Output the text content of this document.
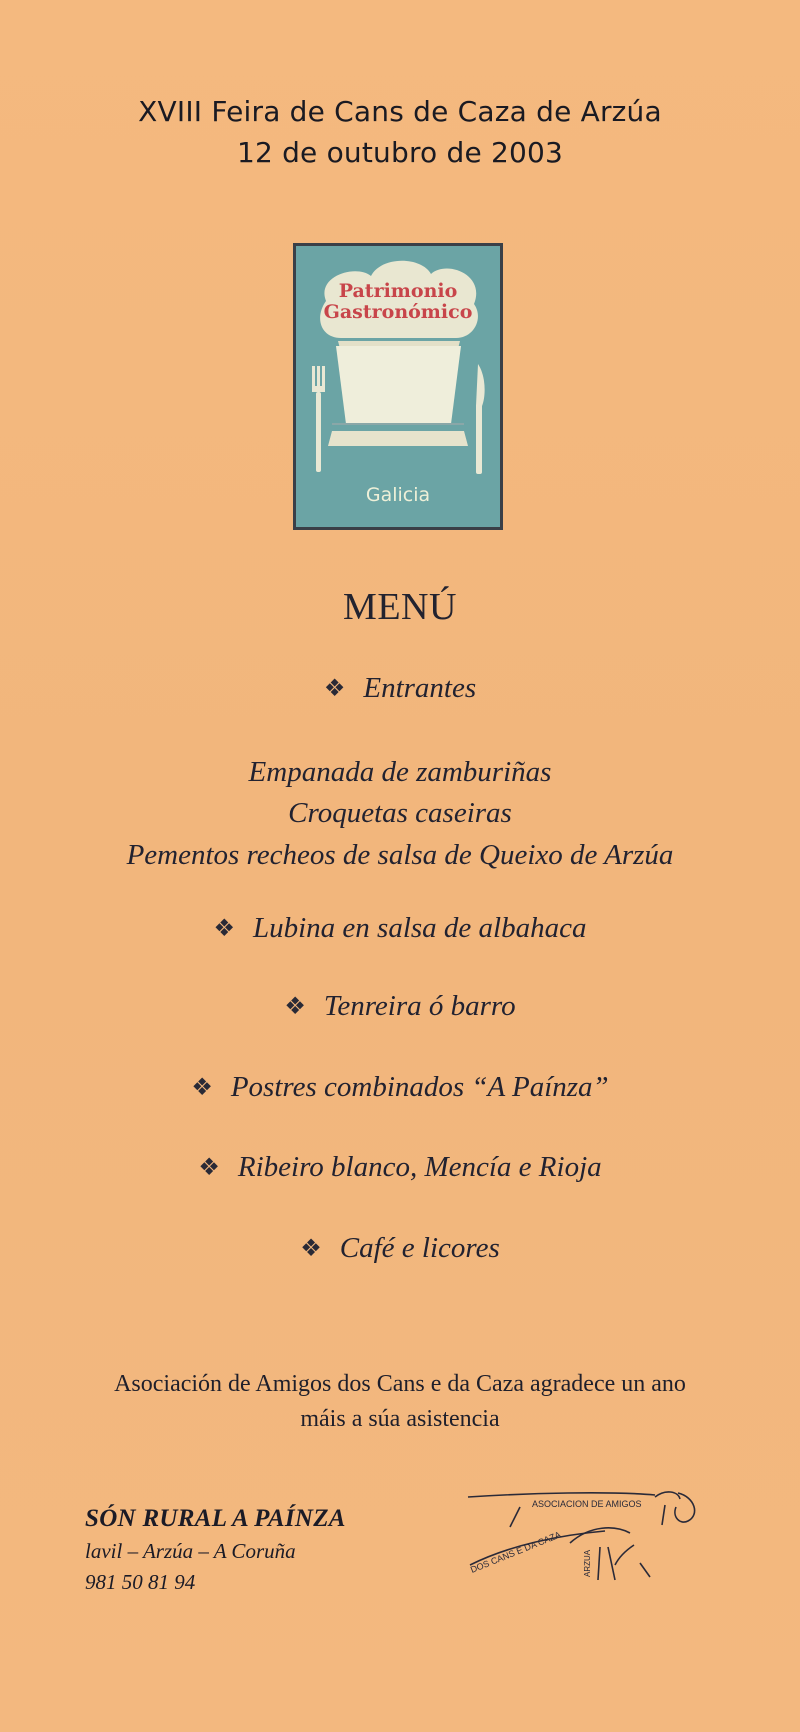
XVIII Feira de Cans de Caza de Arzúa
12 de outubro de 2003
Patrimonio
Gastronómico
Galicia
MENÚ
❖ Entrantes
Empanada de zamburiñas
Croquetas caseiras
Pementos recheos de salsa de Queixo de Arzúa
❖ Lubina en salsa de albahaca
❖ Tenreira ó barro
❖ Postres combinados “A Paínza”
❖ Ribeiro blanco, Mencía e Rioja
❖ Café e licores
Asociación de Amigos dos Cans e da Caza agradece un ano
máis a súa asistencia
SÓN RURAL A PAÍNZA
lavil – Arzúa – A Coruña
981 50 81 94
ASOCIACION DE AMIGOS
DOS CANS E DA CAZA	ARZUA
